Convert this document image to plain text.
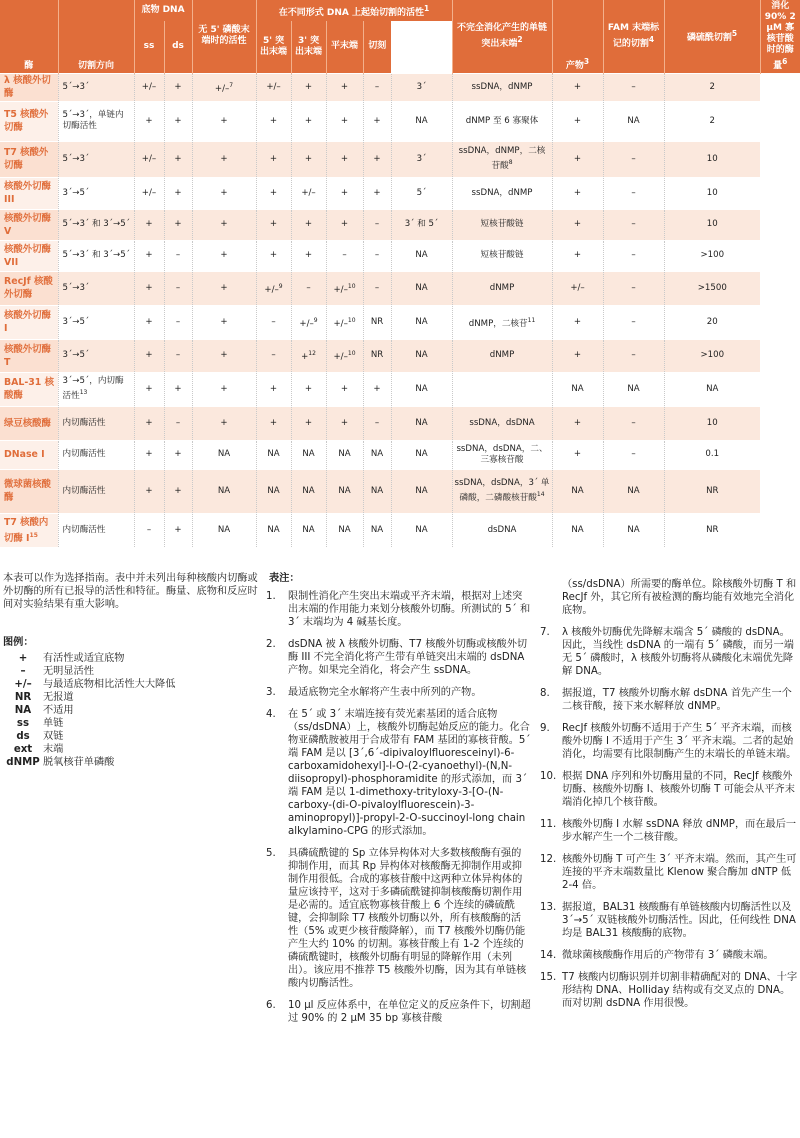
酶	切割方向	底物 DNA		无 5' 磷酸末端时的活性	在不同形式 DNA 上起始切割的活性$^1$					不完全消化产生的单链突出末端$^2$	产物$^3$	FAM 末端标记的切割$^4$	磷硫酰切割$^5$	消化 90% 2 μM 寡核苷酸时的酶量$^6$
		ss	ds		5' 突出末端	3' 突出末端	平末端	切刻						
λ 核酸外切酶	5´→3´	+/–	+	+/–$^7$	+/–	+	+	–	3´	ssDNA，dNMP	+	–	2	
T5 核酸外切酶	5´→3´，单链内切酶活性	+	+	+	+	+	+	+	NA	dNMP 至 6 寡聚体	+	NA	2	
T7 核酸外切酶	5´→3´	+/–	+	+	+	+	+	+	3´	ssDNA，dNMP，二核苷酸$^8$	+	–	10	
核酸外切酶 III	3´→5´	+/–	+	+	+	+/–	+	+	5´	ssDNA，dNMP	+	–	10	
核酸外切酶 V	5´→3´ 和 3´→5´	+	+	+	+	+	+	–	3´ 和 5´	短核苷酸链	+	–	10	
核酸外切酶 VII	5´→3´ 和 3´→5´	+	–	+	+	+	–	–	NA	短核苷酸链	+	–	>100	
RecJf 核酸外切酶	5´→3´	+	–	+	+/–$^9$	–	+/–$^{10}$	–	NA	dNMP	+/–	–	>1500	
核酸外切酶 I	3´→5´	+	–	+	–	+/–$^9$	+/–$^{10}$	NR	NA	dNMP，二核苷$^{11}$	+	–	20	
核酸外切酶 T	3´→5´	+	–	+	–	+$^{12}$	+/–$^{10}$	NR	NA	dNMP	+	–	>100	
BAL-31 核酸酶	3´→5´，内切酶活性$^{13}$	+	+	+	+	+	+	+	NA		NA	NA	NA	
绿豆核酸酶	内切酶活性	+	–	+	+	+	+	–	NA	ssDNA，dsDNA	+	–	10	
DNase I	内切酶活性	+	+	NA	NA	NA	NA	NA	NA	ssDNA，dsDNA，二、三寡核苷酸	+	–	0.1	
微球菌核酸酶	内切酶活性	+	+	NA	NA	NA	NA	NA	NA	ssDNA，dsDNA，3´ 单磷酸，二磷酸核苷酸$^{14}$	NA	NA	NR	
T7 核酸内切酶 $I^{15}$	内切酶活性	–	+	NA	NA	NA	NA	NA	NA	dsDNA	NA	NA	NR	
本表可以作为选择指南。表中并未列出每种核酸内切酶或外切酶的所有已报导的活性和特征。酶量、底物和反应时间对实验结果有重大影响。
图例：
+	有活性或适宜底物
–	无明显活性
+/–	与最适底物相比活性大大降低
NR	无报道
NA	不适用
ss	单链
ds	双链
ext	末端
dNMP 脱氧核苷单磷酸
表注：
1.	限制性消化产生突出末端或平齐末端，根据对上述突出末端的作用能力来划分核酸外切酶。所测试的 5´ 和 3´ 末端均为 4 碱基长度。
2.	dsDNA 被 λ 核酸外切酶、T7 核酸外切酶或核酸外切酶 III 不完全消化将产生带有单链突出末端的 dsDNA 产物。如果完全消化，将会产生 ssDNA。
3.	最适底物完全水解将产生表中所列的产物。
4.	在 5´ 或 3´ 末端连接有荧光素基团的适合底物（ss/dsDNA）上，核酸外切酶起始反应的能力。化合物亚磷酰胺被用于合成带有 FAM 基团的寡核苷酸。5´ 端 FAM 是以 [3´,6´-dipivaloylfluoresceinyl)-6-carboxamidohexyl]-l-O-(2-cyanoethyl)-(N,N-diisopropyl)-phosphoramidite 的形式添加，而 3´ 端 FAM 是以 1-dimethoxy-trityloxy-3-[O-(N-carboxy-(di-O-pivaloylfluorescein)-3-aminopropyl)]-propyl-2-O-succinoyl-long chain alkylamino-CPG 的形式添加。
5.	具磷硫酰键的 Sp 立体异构体对大多数核酸酶有强的抑制作用，而其 Rp 异构体对核酸酶无抑制作用或抑制作用很低。合成的寡核苷酸中这两种立体异构体的量应该持平，这对于多磷硫酰键抑制核酸酶切割作用是必需的。适宜底物寡核苷酸上 6 个连续的磷硫酰键，会抑制除 T7 核酸外切酶以外，所有核酸酶的活性（5% 或更少核苷酸降解），而 T7 核酸外切酶仍能产生大约 10% 的切割。寡核苷酸上有 1-2 个连续的磷硫酰键时，核酸外切酶有明显的降解作用（未列出）。该应用不推荐 T5 核酸外切酶，因为其有单链核酸内切酶活性。
6.	10 μl 反应体系中，在单位定义的反应条件下，切割超过 90% 的 2 μM 35 bp 寡核苷酸
（ss/dsDNA）所需要的酶单位。除核酸外切酶 T 和 RecJf 外，其它所有被检测的酶均能有效地完全消化底物。
7.	λ 核酸外切酶优先降解末端含 5´ 磷酸的 dsDNA。因此，当线性 dsDNA 的一端有 5´ 磷酸，而另一端无 5´ 磷酸时，λ 核酸外切酶将从磷酸化末端优先降解 DNA。
8.	据报道，T7 核酸外切酶水解 dsDNA 首先产生一个二核苷酸，接下来水解释放 dNMP。
9.	RecJf 核酸外切酶不适用于产生 5´ 平齐末端，而核酸外切酶 I 不适用于产生 3´ 平齐末端。二者的起始消化，均需要有比限制酶产生的末端长的单链末端。
10. 根据 DNA 序列和外切酶用量的不同，RecJf 核酸外切酶、核酸外切酶 I、核酸外切酶 T 可能会从平齐末端消化掉几个核苷酸。
11. 核酸外切酶 I 水解 ssDNA 释放 dNMP，而在最后一步水解产生一个二核苷酸。
12. 核酸外切酶 T 可产生 3´ 平齐末端。然而，其产生可连接的平齐末端数量比 Klenow 聚合酶加 dNTP 低 2-4 倍。
13. 据报道，BAL31 核酸酶有单链核酸内切酶活性以及 3´→5´ 双链核酸外切酶活性。因此，任何线性 DNA 均是 BAL31 核酸酶的底物。
14. 微球菌核酸酶作用后的产物带有 3´ 磷酸末端。
15. T7 核酸内切酶识别并切割非精确配对的 DNA、十字形结构 DNA、Holliday 结构或有交叉点的 DNA。而对切割 dsDNA 作用很慢。
